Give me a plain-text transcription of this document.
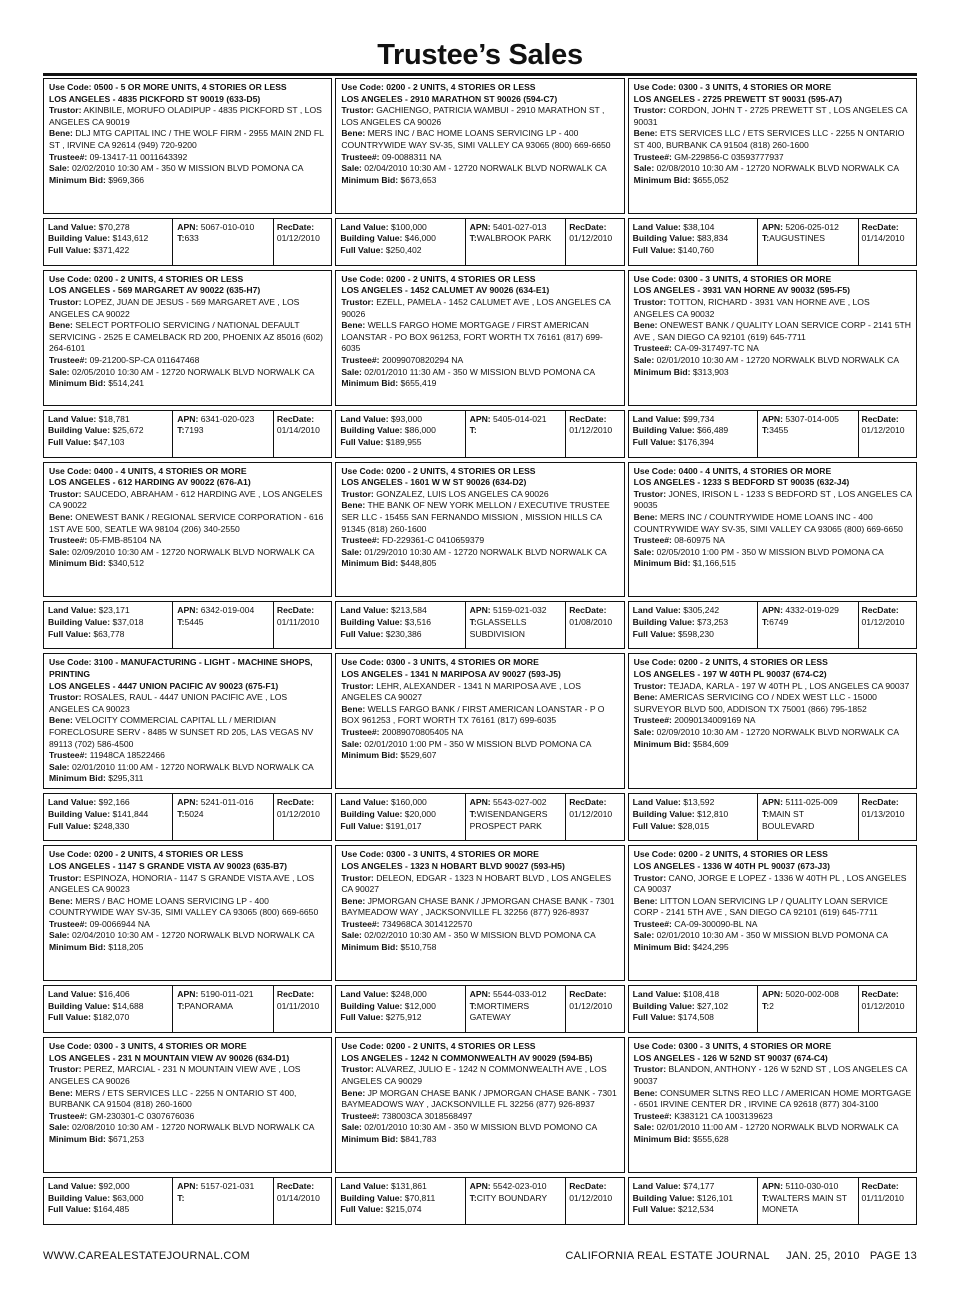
Trustee’s Sales

Use Code: 0500 - 5 OR MORE UNITS, 4 STORIES OR LESS

LOS ANGELES - 4835 PICKFORD ST 90019 (633-D5)

Trustor: AKINBILE, MORUFO OLADIPUP - 4835 PICKFORD ST , LOS ANGELES CA 90019

Bene: DLJ MTG CAPITAL INC / THE WOLF FIRM - 2955 MAIN 2ND FL ST , IRVINE CA 92614 (949) 720-9200

Trustee#: 09-13417-11 0011643392

Sale: 02/02/2010 10:30 AM - 350 W MISSION BLVD POMONA CA

Minimum Bid: $969,366

Land Value: $70,278
Building Value: $143,612
Full Value: $371,422
APN: 5067-010-010
T:633
RecDate:
01/12/2010

Use Code: 0200 - 2 UNITS, 4 STORIES OR LESS

LOS ANGELES - 2910 MARATHON ST 90026 (594-C7)

Trustor: GACHIENGO, PATRICIA WAMBUI - 2910 MARATHON ST , LOS ANGELES CA 90026

Bene: MERS INC / BAC HOME LOANS SERVICING LP - 400 COUNTRYWIDE WAY SV-35, SIMI VALLEY CA 93065 (800) 669-6650

Trustee#: 09-0088311 NA

Sale: 02/04/2010 10:30 AM - 12720 NORWALK BLVD NORWALK CA

Minimum Bid: $673,653

Land Value: $100,000
Building Value: $46,000
Full Value: $250,402
APN: 5401-027-013
T:WALBROOK PARK
RecDate:
01/12/2010

Use Code: 0300 - 3 UNITS, 4 STORIES OR MORE

LOS ANGELES - 2725 PREWETT ST 90031 (595-A7)

Trustor: CORDON, JOHN T - 2725 PREWETT ST , LOS ANGELES CA 90031

Bene: ETS SERVICES LLC / ETS SERVICES LLC - 2255 N ONTARIO ST 400, BURBANK CA 91504 (818) 260-1600

Trustee#: GM-229856-C 03593777937

Sale: 02/08/2010 10:30 AM - 12720 NORWALK BLVD NORWALK CA

Minimum Bid: $655,052

Land Value: $38,104
Building Value: $83,834
Full Value: $140,760
APN: 5206-025-012
T:AUGUSTINES
RecDate:
01/14/2010

Use Code: 0200 - 2 UNITS, 4 STORIES OR LESS

LOS ANGELES - 569 MARGARET AV 90022 (635-H7)

Trustor: LOPEZ, JUAN DE JESUS - 569 MARGARET AVE , LOS ANGELES CA 90022

Bene: SELECT PORTFOLIO SERVICING / NATIONAL DEFAULT SERVICING - 2525 E CAMELBACK RD 200, PHOENIX AZ 85016 (602) 264-6101

Trustee#: 09-21200-SP-CA 011647468

Sale: 02/05/2010 10:30 AM - 12720 NORWALK BLVD NORWALK CA

Minimum Bid: $514,241

Land Value: $18,781
Building Value: $25,672
Full Value: $47,103
APN: 6341-020-023
T:7193
RecDate:
01/14/2010

Use Code: 0200 - 2 UNITS, 4 STORIES OR LESS

LOS ANGELES - 1452 CALUMET AV 90026 (634-E1)

Trustor: EZELL, PAMELA - 1452 CALUMET AVE , LOS ANGELES CA 90026

Bene: WELLS FARGO HOME MORTGAGE / FIRST AMERICAN LOANSTAR - PO BOX 961253, FORT WORTH TX 76161 (817) 699-6035

Trustee#: 20099070820294 NA

Sale: 02/01/2010 11:30 AM - 350 W MISSION BLVD POMONA CA

Minimum Bid: $655,419

Land Value: $93,000
Building Value: $86,000
Full Value: $189,955
APN: 5405-014-021
T:
RecDate:
01/12/2010

Use Code: 0300 - 3 UNITS, 4 STORIES OR MORE

LOS ANGELES - 3931 VAN HORNE AV 90032 (595-F5)

Trustor: TOTTON, RICHARD - 3931 VAN HORNE AVE , LOS ANGELES CA 90032

Bene: ONEWEST BANK / QUALITY LOAN SERVICE CORP - 2141 5TH AVE , SAN DIEGO CA 92101 (619) 645-7711

Trustee#: CA-09-317497-TC NA

Sale: 02/01/2010 10:30 AM - 12720 NORWALK BLVD NORWALK CA

Minimum Bid: $313,903

Land Value: $99,734
Building Value: $66,489
Full Value: $176,394
APN: 5307-014-005
T:3455
RecDate:
01/12/2010

Use Code: 0400 - 4 UNITS, 4 STORIES OR MORE

LOS ANGELES - 612 HARDING AV 90022 (676-A1)

Trustor: SAUCEDO, ABRAHAM - 612 HARDING AVE , LOS ANGELES CA 90022

Bene: ONEWEST BANK / REGIONAL SERVICE CORPORATION - 616 1ST AVE 500, SEATLE WA 98104 (206) 340-2550

Trustee#: 05-FMB-85104 NA

Sale: 02/09/2010 10:30 AM - 12720 NORWALK BLVD NORWALK CA

Minimum Bid: $340,512

Land Value: $23,171
Building Value: $37,018
Full Value: $63,778
APN: 6342-019-004
T:5445
RecDate:
01/11/2010

Use Code: 0200 - 2 UNITS, 4 STORIES OR LESS

LOS ANGELES - 1601 W W ST 90026 (634-D2)

Trustor: GONZALEZ, LUIS LOS ANGELES CA 90026

Bene: THE BANK OF NEW YORK MELLON / EXECUTIVE TRUSTEE SER LLC - 15455 SAN FERNANDO MISSION , MISSION HILLS CA 91345 (818) 260-1600

Trustee#: FD-229361-C 0410659379

Sale: 01/29/2010 10:30 AM - 12720 NORWALK BLVD NORWALK CA

Minimum Bid: $448,805

Land Value: $213,584
Building Value: $3,516
Full Value: $230,386
APN: 5159-021-032
T:GLASSELLS SUBDIVISION
RecDate:
01/08/2010

Use Code: 0400 - 4 UNITS, 4 STORIES OR MORE

LOS ANGELES - 1233 S BEDFORD ST 90035 (632-J4)

Trustor: JONES, IRISON L - 1233 S BEDFORD ST , LOS ANGELES CA 90035

Bene: MERS INC / COUNTRYWIDE HOME LOANS INC - 400 COUNTRYWIDE WAY SV-35, SIMI VALLEY CA 93065 (800) 669-6650

Trustee#: 08-60975 NA

Sale: 02/05/2010 1:00 PM - 350 W MISSION BLVD POMONA CA

Minimum Bid: $1,166,515

Land Value: $305,242
Building Value: $73,253
Full Value: $598,230
APN: 4332-019-029
T:6749
RecDate:
01/12/2010

Use Code: 3100 - MANUFACTURING - LIGHT - MACHINE SHOPS, PRINTING

LOS ANGELES - 4447 UNION PACIFIC AV 90023 (675-F1)

Trustor: ROSALES, RAUL - 4447 UNION PACIFIC AVE , LOS ANGELES CA 90023

Bene: VELOCITY COMMERCIAL CAPITAL LL / MERIDIAN FORECLOSURE SERV - 8485 W SUNSET RD 205, LAS VEGAS NV 89113 (702) 586-4500

Trustee#: 11948CA 18522466

Sale: 02/01/2010 11:00 AM - 12720 NORWALK BLVD NORWALK CA

Minimum Bid: $295,311

Land Value: $92,166
Building Value: $141,844
Full Value: $248,330
APN: 5241-011-016
T:5024
RecDate:
01/12/2010

Use Code: 0300 - 3 UNITS, 4 STORIES OR MORE

LOS ANGELES - 1341 N MARIPOSA AV 90027 (593-J5)

Trustor: LEHR, ALEXANDER - 1341 N MARIPOSA AVE , LOS ANGELES CA 90027

Bene: WELLS FARGO BANK / FIRST AMERICAN LOANSTAR - P O BOX 961253 , FORT WORTH TX 76161 (817) 699-6035

Trustee#: 20089070805405 NA

Sale: 02/01/2010 1:00 PM - 350 W MISSION BLVD POMONA CA

Minimum Bid: $529,607

Land Value: $160,000
Building Value: $20,000
Full Value: $191,017
APN: 5543-027-002
T:WISENDANGERS PROSPECT PARK
RecDate:
01/12/2010

Use Code: 0200 - 2 UNITS, 4 STORIES OR LESS

LOS ANGELES - 197 W 40TH PL 90037 (674-C2)

Trustor: TEJADA, KARLA - 197 W 40TH PL , LOS ANGELES CA 90037

Bene: AMERICAS SERVICING CO / NDEX WEST LLC - 15000 SURVEYOR BLVD 500, ADDISON TX 75001 (866) 795-1852

Trustee#: 20090134009169 NA

Sale: 02/09/2010 10:30 AM - 12720 NORWALK BLVD NORWALK CA

Minimum Bid: $584,609

Land Value: $13,592
Building Value: $12,810
Full Value: $28,015
APN: 5111-025-009
T:MAIN ST BOULEVARD
RecDate:
01/13/2010

Use Code: 0200 - 2 UNITS, 4 STORIES OR LESS

LOS ANGELES - 1147 S GRANDE VISTA AV 90023 (635-B7)

Trustor: ESPINOZA, HONORIA - 1147 S GRANDE VISTA AVE , LOS ANGELES CA 90023

Bene: MERS / BAC HOME LOANS SERVICING LP - 400 COUNTRYWIDE WAY SV-35, SIMI VALLEY CA 93065 (800) 669-6650

Trustee#: 09-0066944 NA

Sale: 02/04/2010 10:30 AM - 12720 NORWALK BLVD NORWALK CA

Minimum Bid: $118,205

Land Value: $16,406
Building Value: $14,688
Full Value: $182,070
APN: 5190-011-021
T:PANORAMA
RecDate:
01/11/2010

Use Code: 0300 - 3 UNITS, 4 STORIES OR MORE

LOS ANGELES - 1323 N HOBART BLVD 90027 (593-H5)

Trustor: DELEON, EDGAR - 1323 N HOBART BLVD , LOS ANGELES CA 90027

Bene: JPMORGAN CHASE BANK / JPMORGAN CHASE BANK - 7301 BAYMEADOW WAY , JACKSONVILLE FL 32256 (877) 926-8937

Trustee#: 734968CA 3014122570

Sale: 02/02/2010 10:30 AM - 350 W MISSION BLVD POMONA CA

Minimum Bid: $510,758

Land Value: $248,000
Building Value: $12,000
Full Value: $275,912
APN: 5544-033-012
T:MORTIMERS GATEWAY
RecDate:
01/12/2010

Use Code: 0200 - 2 UNITS, 4 STORIES OR LESS

LOS ANGELES - 1336 W 40TH PL 90037 (673-J3)

Trustor: CANO, JORGE E LOPEZ - 1336 W 40TH PL , LOS ANGELES CA 90037

Bene: LITTON LOAN SERVICING LP / QUALITY LOAN SERVICE CORP - 2141 5TH AVE , SAN DIEGO CA 92101 (619) 645-7711

Trustee#: CA-09-300090-BL NA

Sale: 02/01/2010 10:30 AM - 350 W MISSION BLVD POMONA CA

Minimum Bid: $424,295

Land Value: $108,418
Building Value: $27,102
Full Value: $174,508
APN: 5020-002-008
T:2
RecDate:
01/12/2010

Use Code: 0300 - 3 UNITS, 4 STORIES OR MORE

LOS ANGELES - 231 N MOUNTAIN VIEW AV 90026 (634-D1)

Trustor: PEREZ, MARCIAL - 231 N MOUNTAIN VIEW AVE , LOS ANGELES CA 90026

Bene: MERS / ETS SERVICES LLC - 2255 N ONTARIO ST 400, BURBANK CA 91504 (818) 260-1600

Trustee#: GM-230301-C 0307676036

Sale: 02/08/2010 10:30 AM - 12720 NORWALK BLVD NORWALK CA

Minimum Bid: $671,253

Land Value: $92,000
Building Value: $63,000
Full Value: $164,485
APN: 5157-021-031
T:
RecDate:
01/14/2010

Use Code: 0200 - 2 UNITS, 4 STORIES OR LESS

LOS ANGELES - 1242 N COMMONWEALTH AV 90029 (594-B5)

Trustor: ALVAREZ, JULIO E - 1242 N COMMONWEALTH AVE , LOS ANGELES CA 90029

Bene: JP MORGAN CHASE BANK / JPMORGAN CHASE BANK - 7301 BAYMEADOWS WAY , JACKSONVILLE FL 32256 (877) 926-8937

Trustee#: 738003CA 3018568497

Sale: 02/01/2010 10:30 AM - 350 W MISSION BLVD POMONO CA

Minimum Bid: $841,783

Land Value: $131,861
Building Value: $70,811
Full Value: $215,074
APN: 5542-023-010
T:CITY BOUNDARY
RecDate:
01/12/2010

Use Code: 0300 - 3 UNITS, 4 STORIES OR MORE

LOS ANGELES - 126 W 52ND ST 90037 (674-C4)

Trustor: BLANDON, ANTHONY - 126 W 52ND ST , LOS ANGELES CA 90037

Bene: CONSUMER SLTNS REO LLC / AMERICAN HOME MORTGAGE - 6501 IRVINE CENTER DR , IRVINE CA 92618 (877) 304-3100

Trustee#: K383121 CA 1003139623

Sale: 02/01/2010 11:00 AM - 12720 NORWALK BLVD NORWALK CA

Minimum Bid: $555,628

Land Value: $74,177
Building Value: $126,101
Full Value: $212,534
APN: 5110-030-010
T:WALTERS MAIN ST MONETA
RecDate:
01/11/2010
WWW.CAREALESTATEJOURNAL.COM	CALIFORNIA REAL ESTATE JOURNAL     JAN. 25, 2010   PAGE 13
